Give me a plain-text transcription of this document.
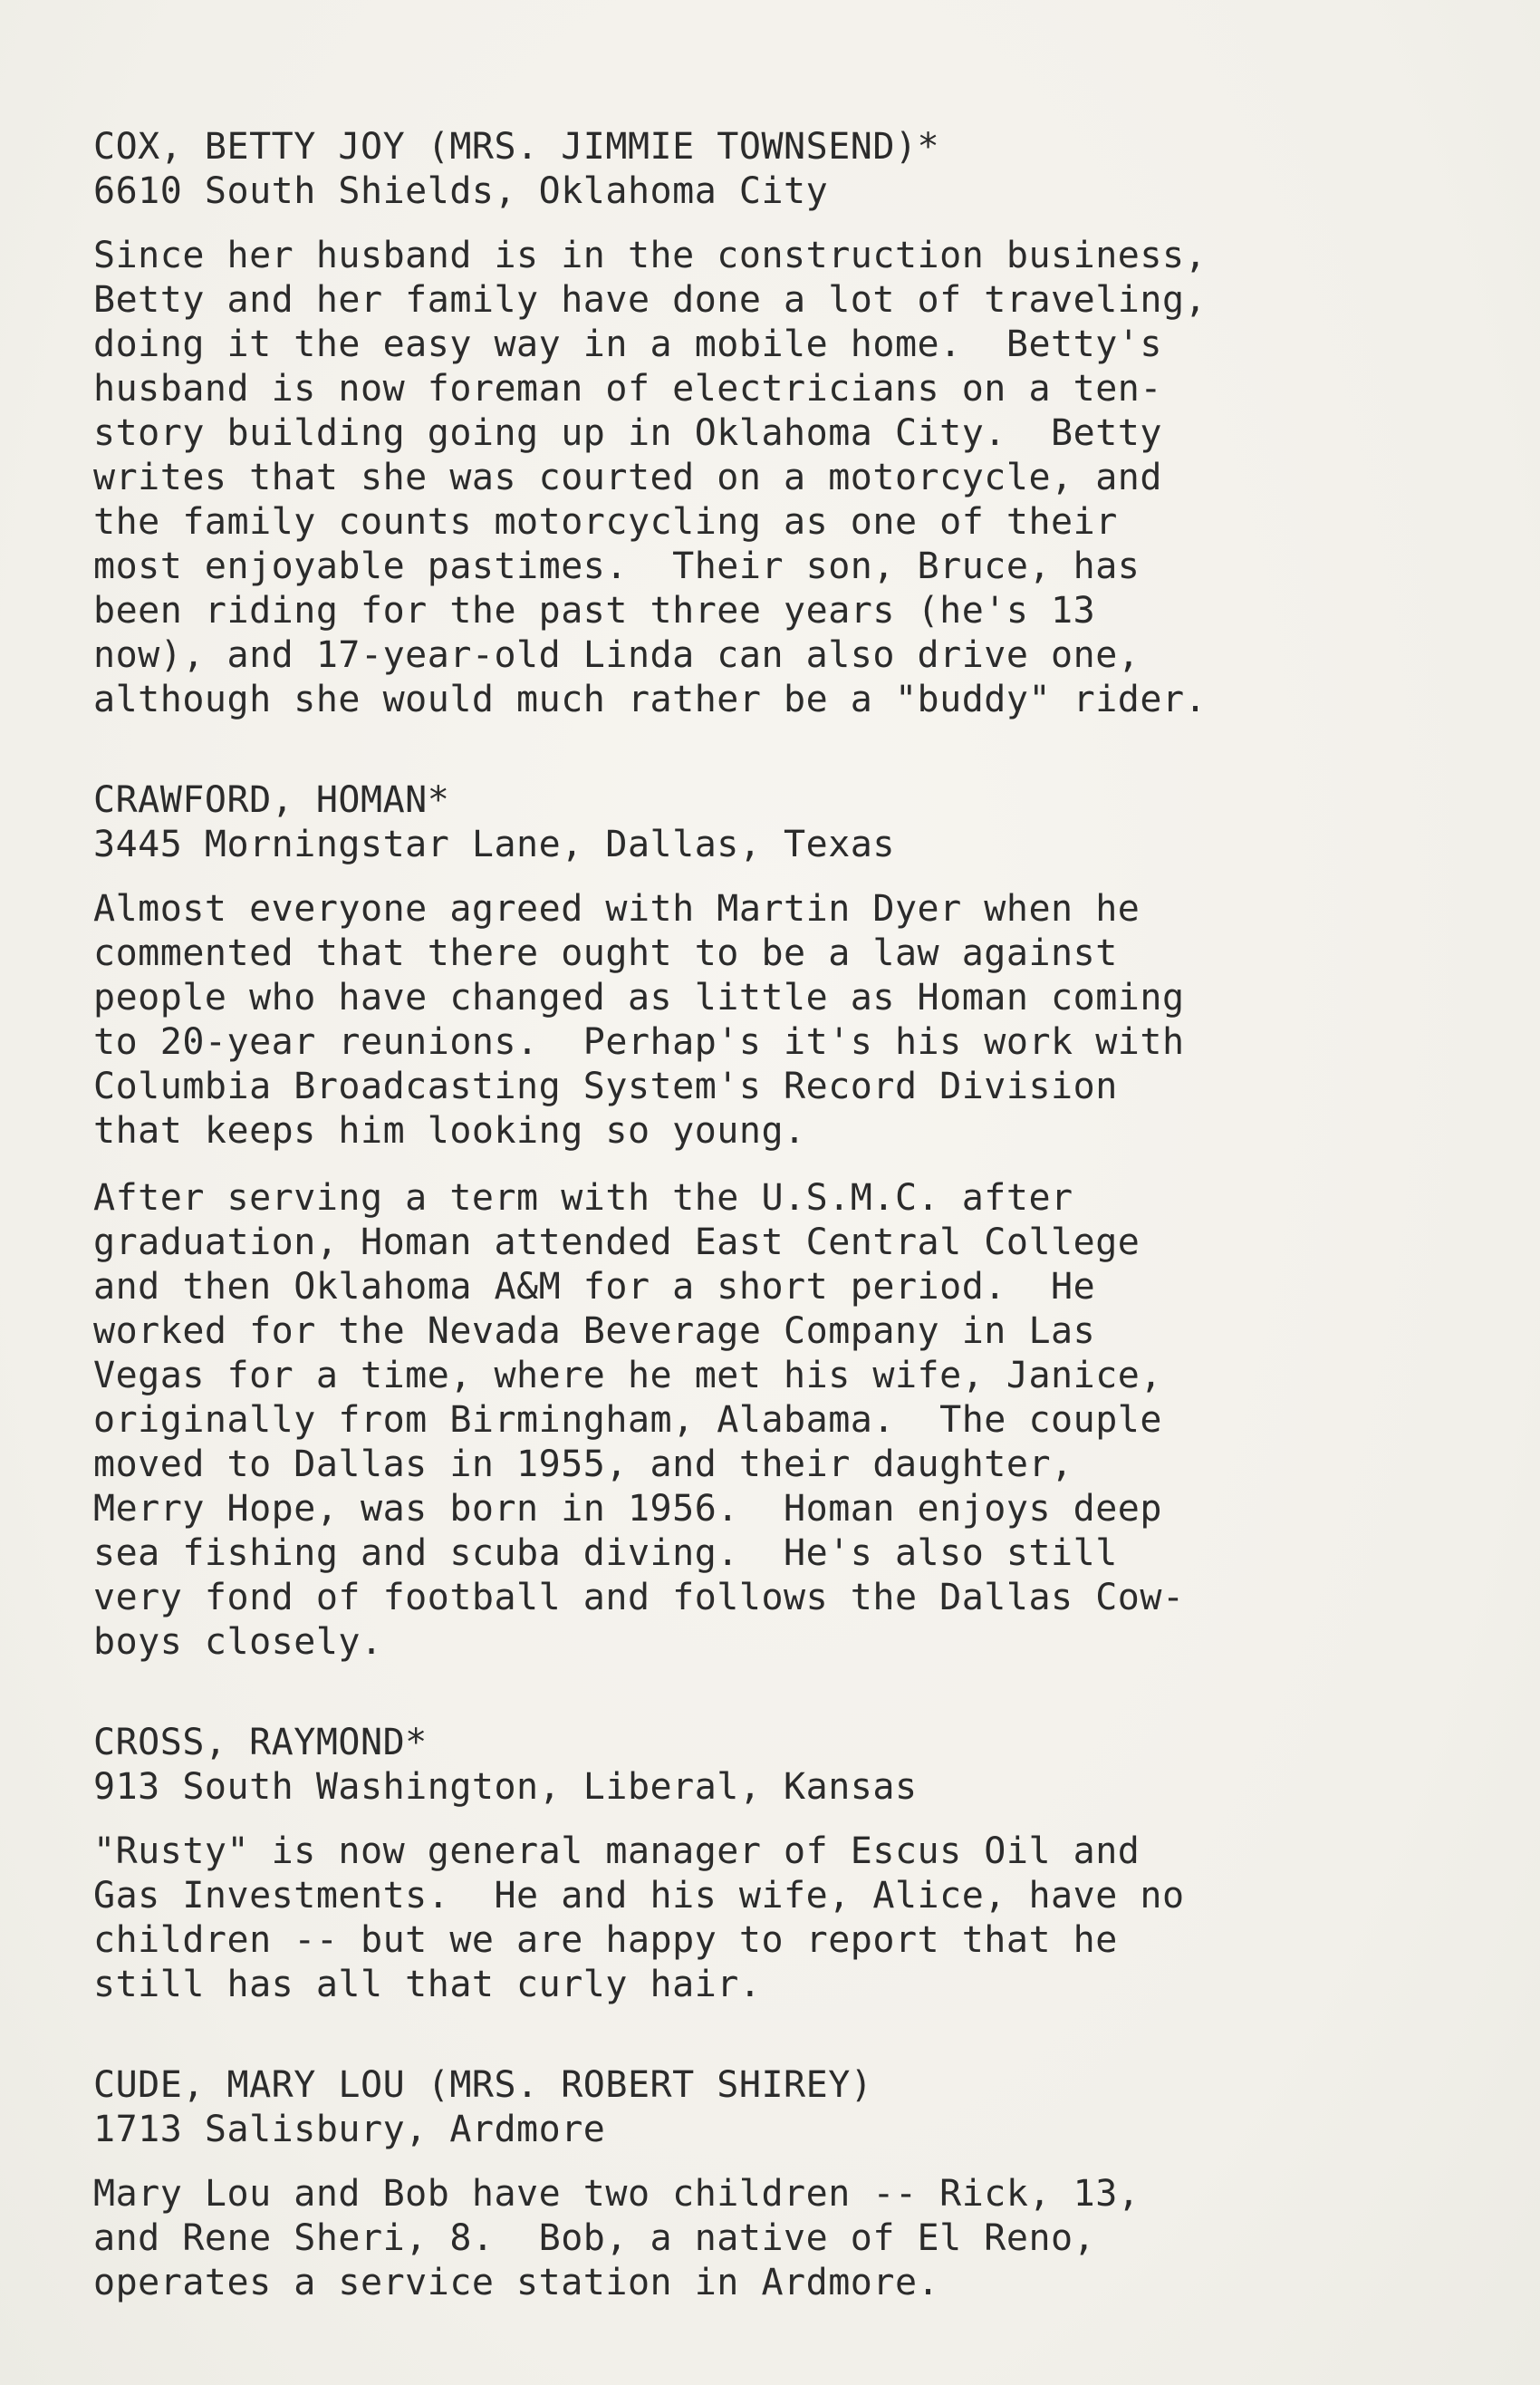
COX, BETTY JOY (MRS. JIMMIE TOWNSEND)*
6610 South Shields, Oklahoma City
Since her husband is in the construction business,
Betty and her family have done a lot of traveling,
doing it the easy way in a mobile home.  Betty's
husband is now foreman of electricians on a ten-
story building going up in Oklahoma City.  Betty
writes that she was courted on a motorcycle, and
the family counts motorcycling as one of their
most enjoyable pastimes.  Their son, Bruce, has
been riding for the past three years (he's 13
now), and 17-year-old Linda can also drive one,
although she would much rather be a "buddy" rider.
CRAWFORD, HOMAN*
3445 Morningstar Lane, Dallas, Texas
Almost everyone agreed with Martin Dyer when he
commented that there ought to be a law against
people who have changed as little as Homan coming
to 20-year reunions.  Perhap's it's his work with
Columbia Broadcasting System's Record Division
that keeps him looking so young.
After serving a term with the U.S.M.C. after
graduation, Homan attended East Central College
and then Oklahoma A&M for a short period.  He
worked for the Nevada Beverage Company in Las
Vegas for a time, where he met his wife, Janice,
originally from Birmingham, Alabama.  The couple
moved to Dallas in 1955, and their daughter,
Merry Hope, was born in 1956.  Homan enjoys deep
sea fishing and scuba diving.  He's also still
very fond of football and follows the Dallas Cow-
boys closely.
CROSS, RAYMOND*
913 South Washington, Liberal, Kansas
"Rusty" is now general manager of Escus Oil and
Gas Investments.  He and his wife, Alice, have no
children -- but we are happy to report that he
still has all that curly hair.
CUDE, MARY LOU (MRS. ROBERT SHIREY)
1713 Salisbury, Ardmore
Mary Lou and Bob have two children -- Rick, 13,
and Rene Sheri, 8.  Bob, a native of El Reno,
operates a service station in Ardmore.
